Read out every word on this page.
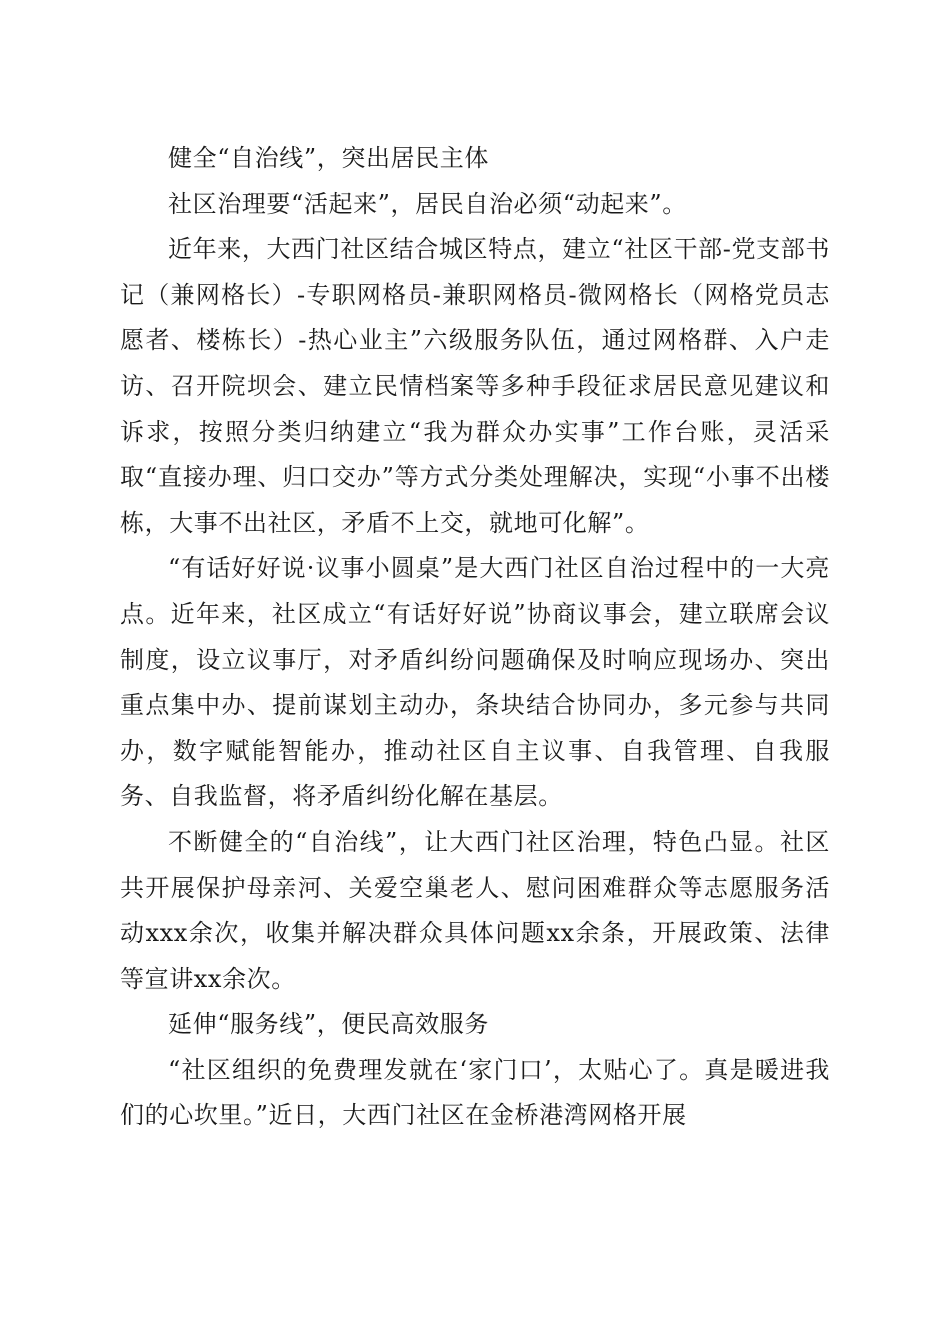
健全“自治线”，突出居民主体

社区治理要“活起来”，居民自治必须“动起来”。

近年来，大西门社区结合城区特点，建立“社区干部-党支部书记（兼网格长）-专职网格员-兼职网格员-微网格长（网格党员志愿者、楼栋长）-热心业主”六级服务队伍，通过网格群、入户走访、召开院坝会、建立民情档案等多种手段征求居民意见建议和诉求，按照分类归纳建立“我为群众办实事”工作台账，灵活采取“直接办理、归口交办”等方式分类处理解决，实现“小事不出楼栋，大事不出社区，矛盾不上交，就地可化解”。

“有话好好说·议事小圆桌”是大西门社区自治过程中的一大亮点。近年来，社区成立“有话好好说”协商议事会，建立联席会议制度，设立议事厅，对矛盾纠纷问题确保及时响应现场办、突出重点集中办、提前谋划主动办，条块结合协同办，多元参与共同办，数字赋能智能办，推动社区自主议事、自我管理、自我服务、自我监督，将矛盾纠纷化解在基层。

不断健全的“自治线”，让大西门社区治理，特色凸显。社区共开展保护母亲河、关爱空巢老人、慰问困难群众等志愿服务活动xxx余次，收集并解决群众具体问题xx余条，开展政策、法律等宣讲xx余次。

延伸“服务线”，便民高效服务

“社区组织的免费理发就在‘家门口’，太贴心了。真是暖进我们的心坎里。”近日，大西门社区在金桥港湾网格开展
